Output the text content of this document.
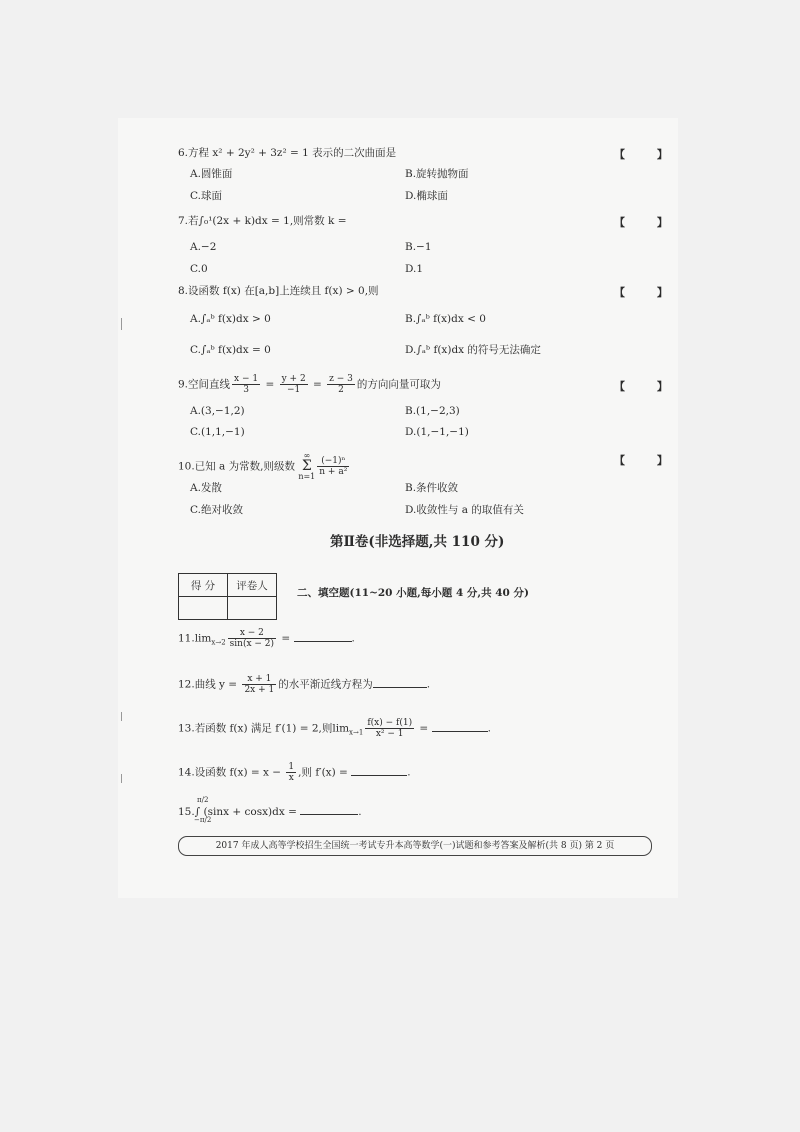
6.方程 x² + 2y² + 3z² = 1 表示的二次曲面是	【 】
A.圆锥面	B.旋转抛物面
C.球面	D.椭球面
7.若∫₀¹(2x + k)dx = 1,则常数 k =	【 】
A.−2	B.−1
C.0	D.1
8.设函数 f(x) 在[a,b]上连续且 f(x) > 0,则	【 】
A.∫ₐᵇ f(x)dx > 0	B.∫ₐᵇ f(x)dx < 0
C.∫ₐᵇ f(x)dx = 0	D.∫ₐᵇ f(x)dx 的符号无法确定
9.空间直线 $\frac{x - 1}{3} = \frac{y + 2}{-1} = \frac{z - 3}{2}$ 的方向向量可取为	【 】
A.(3,−1,2)	B.(1,−2,3)
C.(1,1,−1)	D.(1,−1,−1)
10.已知 a 为常数,则级数
∞
Σ
$n=1 \frac{\text{(−1)ⁿ}}{\text{n + a²}}$	【 】
A.发散	B.条件收敛
C.绝对收敛	D.收敛性与 a 的取值有关
第Ⅱ卷(非选择题,共 110 分)
得 分	评卷人

二、填空题(11~20 小题,每小题 4 分,共 40 分)
$11.\lim_{x\to 2} \frac{x - 2}{\sin(x - 2)}$ =	.
12.曲线 $y = \frac{x + 1}{2x + 1}$ 的水平渐近线方程为	.
13.若函数 f(x) 满足 f′(1) = 2,则$\lim_{x\to 1} \frac{f(x) - f(1)}{\text{x² − 1}}$ =	.
14.设函数 $f(x) = x - \frac{1}{x}$ ,则 f′(x) =	.
15.∫ (sinx + cosx)dx =	.
π/2
−π/2
2017 年成人高等学校招生全国统一考试专升本高等数学(一)试题和参考答案及解析(共 8 页) 第 2 页
